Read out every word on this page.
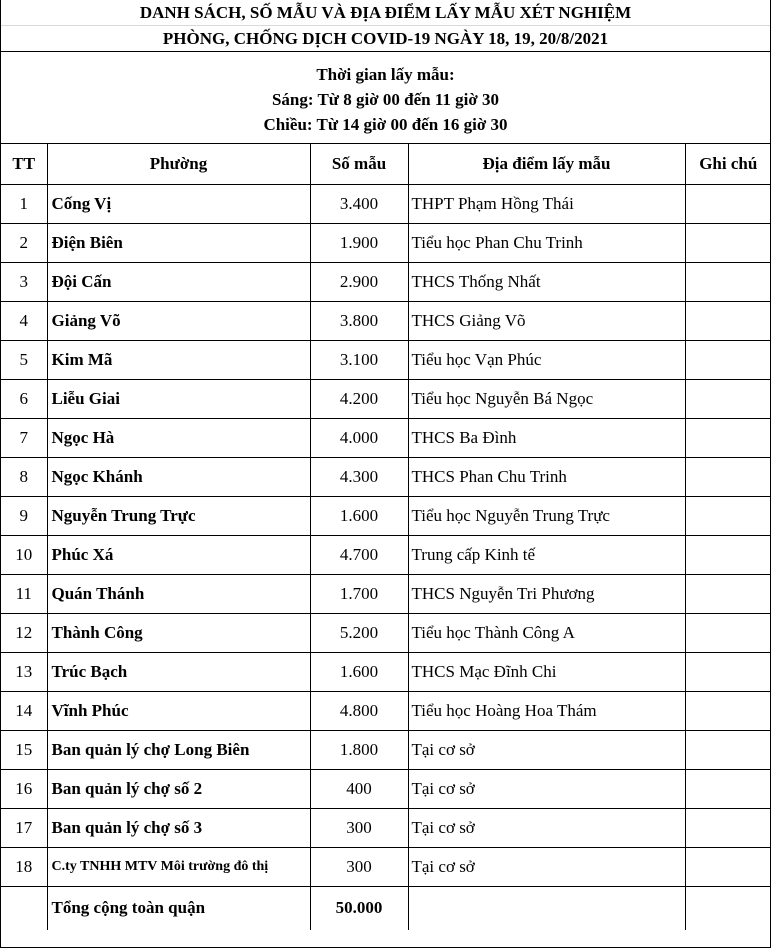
DANH SÁCH, SỐ MẪU VÀ ĐỊA ĐIỂM LẤY MẪU XÉT NGHIỆM
PHÒNG, CHỐNG DỊCH COVID-19 NGÀY 18, 19, 20/8/2021
Thời gian lấy mẫu:
Sáng: Từ 8 giờ 00 đến 11 giờ 30
Chiều: Từ 14 giờ 00 đến 16 giờ 30
TT	Phường	Số mẫu	Địa điểm lấy mẫu	Ghi chú
1	Cống Vị	3.400	THPT Phạm Hồng Thái	
2	Điện Biên	1.900	Tiểu học Phan Chu Trinh	
3	Đội Cấn	2.900	THCS Thống Nhất	
4	Giảng Võ	3.800	THCS Giảng Võ	
5	Kim Mã	3.100	Tiểu học Vạn Phúc	
6	Liễu Giai	4.200	Tiểu học Nguyễn Bá Ngọc	
7	Ngọc Hà	4.000	THCS Ba Đình	
8	Ngọc Khánh	4.300	THCS Phan Chu Trinh	
9	Nguyễn Trung Trực	1.600	Tiểu học Nguyễn Trung Trực	
10	Phúc Xá	4.700	Trung cấp Kinh tế	
11	Quán Thánh	1.700	THCS Nguyễn Tri Phương	
12	Thành Công	5.200	Tiểu học Thành Công A	
13	Trúc Bạch	1.600	THCS Mạc Đĩnh Chi	
14	Vĩnh Phúc	4.800	Tiểu học Hoàng Hoa Thám	
15	Ban quản lý chợ Long Biên	1.800	Tại cơ sở	
16	Ban quản lý chợ số 2	400	Tại cơ sở	
17	Ban quản lý chợ số 3	300	Tại cơ sở	
18	C.ty TNHH MTV Môi trường đô thị	300	Tại cơ sở	
	Tổng cộng toàn quận	50.000		
